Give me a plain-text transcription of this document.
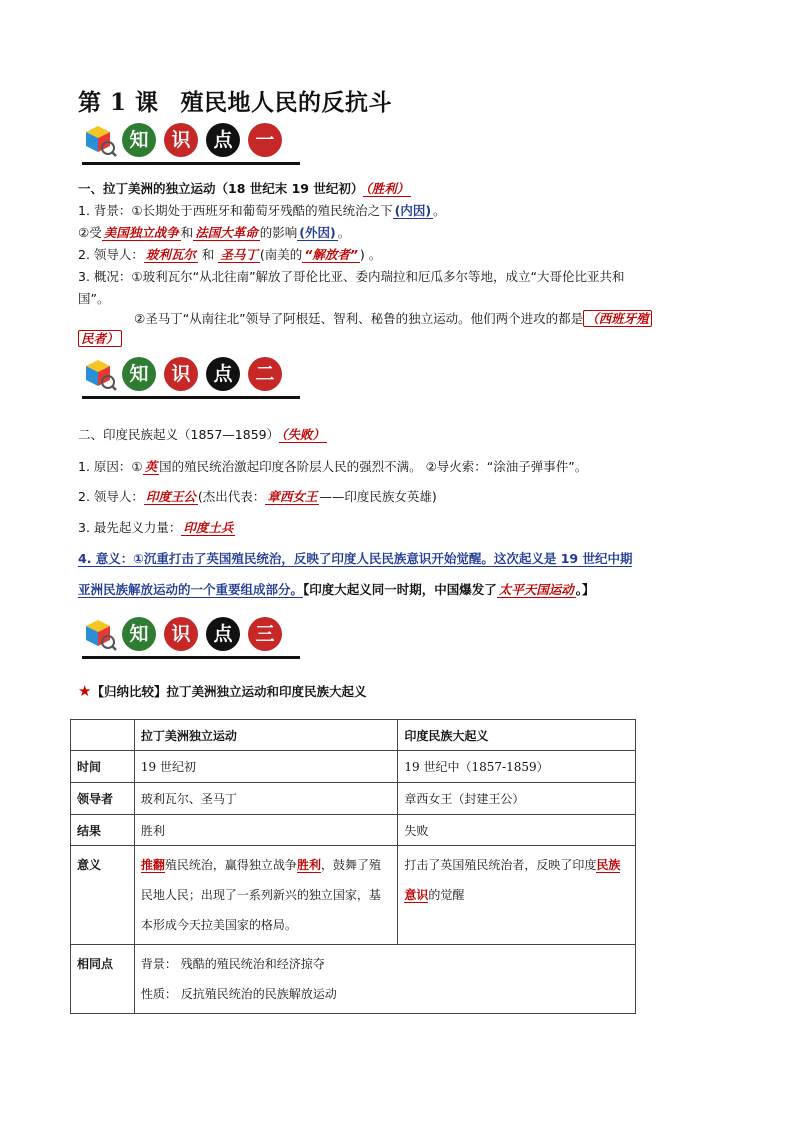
第 1 课 殖民地人民的反抗斗
知	识	点	一
一、拉丁美洲的独立运动（18 世纪末 19 世纪初） （胜利）
1. 背景：①长期处于西班牙和葡萄牙残酷的殖民统治之下 (内因) 。
②受 美国独立战争 和 法国大革命 的影响 (外因) 。
2. 领导人： 玻利瓦尔 和 圣马丁 (南美的 “解放者” ) 。
3. 概况：①玻利瓦尔“从北往南”解放了哥伦比亚、委内瑞拉和厄瓜多尔等地，成立“大哥伦比亚共和
国”。
②圣马丁“从南往北”领导了阿根廷、智利、秘鲁的独立运动。他们两个进攻的都是 （西班牙殖
民者）
知	识	点	二
二、印度民族起义（1857—1859） （失败）
1. 原因：① 英 国的殖民统治激起印度各阶层人民的强烈不满。 ②导火索：“涂油子弹事件”。
2. 领导人： 印度王公 (杰出代表： 章西女王 ——印度民族女英雄)
3. 最先起义力量： 印度土兵
4. 意义：①沉重打击了英国殖民统治，反映了印度人民民族意识开始觉醒。这次起义是 19 世纪中期
亚洲民族解放运动的一个重要组成部分。【印度大起义同一时期，中国爆发了 太平天国运动 。】
知	识	点	三
★【归纳比较】拉丁美洲独立运动和印度民族大起义
	拉丁美洲独立运动	印度民族大起义
时间	19 世纪初	19 世纪中（1857-1859）
领导者	玻利瓦尔、圣马丁	章西女王（封建王公）
结果	胜利	失败
意义	推翻殖民统治，赢得独立战争胜利，鼓舞了殖民地人民；出现了一系列新兴的独立国家，基本形成今天拉美国家的格局。	打击了英国殖民统治者，反映了印度民族意识的觉醒
相同点	背景： 残酷的殖民统治和经济掠夺
性质： 反抗殖民统治的民族解放运动	
